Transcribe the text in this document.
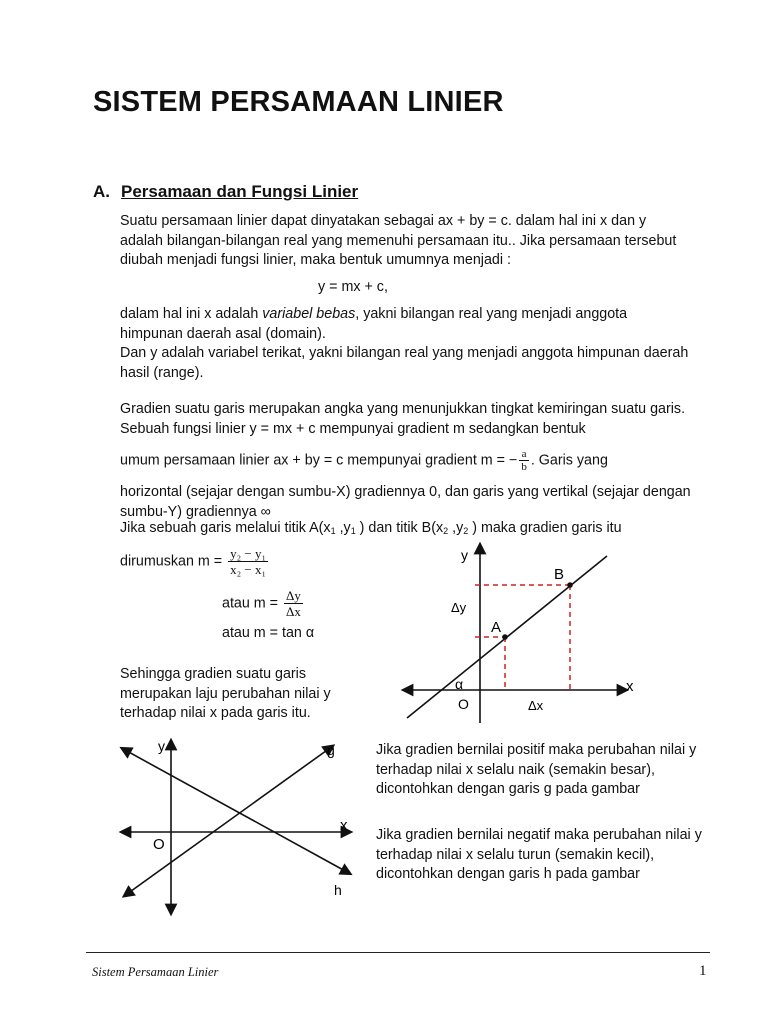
SISTEM PERSAMAAN LINIER
A. Persamaan dan Fungsi Linier
Suatu persamaan linier dapat dinyatakan sebagai ax + by = c. dalam hal ini x dan y adalah bilangan-bilangan real yang memenuhi persamaan itu.. Jika persamaan tersebut diubah menjadi fungsi linier, maka bentuk umumnya menjadi :
y = mx + c,
dalam hal ini x adalah variabel bebas, yakni bilangan real yang menjadi anggota himpunan daerah asal (domain).
Dan y adalah variabel terikat, yakni bilangan real yang menjadi anggota himpunan daerah hasil (range).
Gradien suatu garis merupakan angka yang menunjukkan tingkat kemiringan suatu garis. Sebuah fungsi linier y = mx + c mempunyai gradient m sedangkan bentuk
umum persamaan linier ax + by = c mempunyai gradient m = − $\frac{a}{b}$ . Garis yang
horizontal (sejajar dengan sumbu-X) gradiennya 0, dan garis yang vertikal (sejajar dengan sumbu-Y) gradiennya ∞
Jika sebuah garis melalui titik $A(x_1$ $,y_1$ ) dan titik $B(x_2$ $,y_2$ ) maka gradien garis itu
dirumuskan $m = \frac{\text{y₂ − y₁}}{\text{x₂ − x₁}}$
atau $m = \frac{\Delta y}{\Delta x}$
atau m = tan α
Sehingga gradien suatu garis merupakan laju perubahan nilai y terhadap nilai x pada garis itu.
y
B
A
Δy
α
O	Δx
x
y	g
x
O
h
Jika gradien bernilai positif maka perubahan nilai y terhadap nilai x selalu naik (semakin besar), dicontohkan dengan garis g pada gambar
Jika gradien bernilai negatif maka perubahan nilai y terhadap nilai x selalu turun (semakin kecil), dicontohkan dengan garis h pada gambar
Sistem Persamaan Linier	1
